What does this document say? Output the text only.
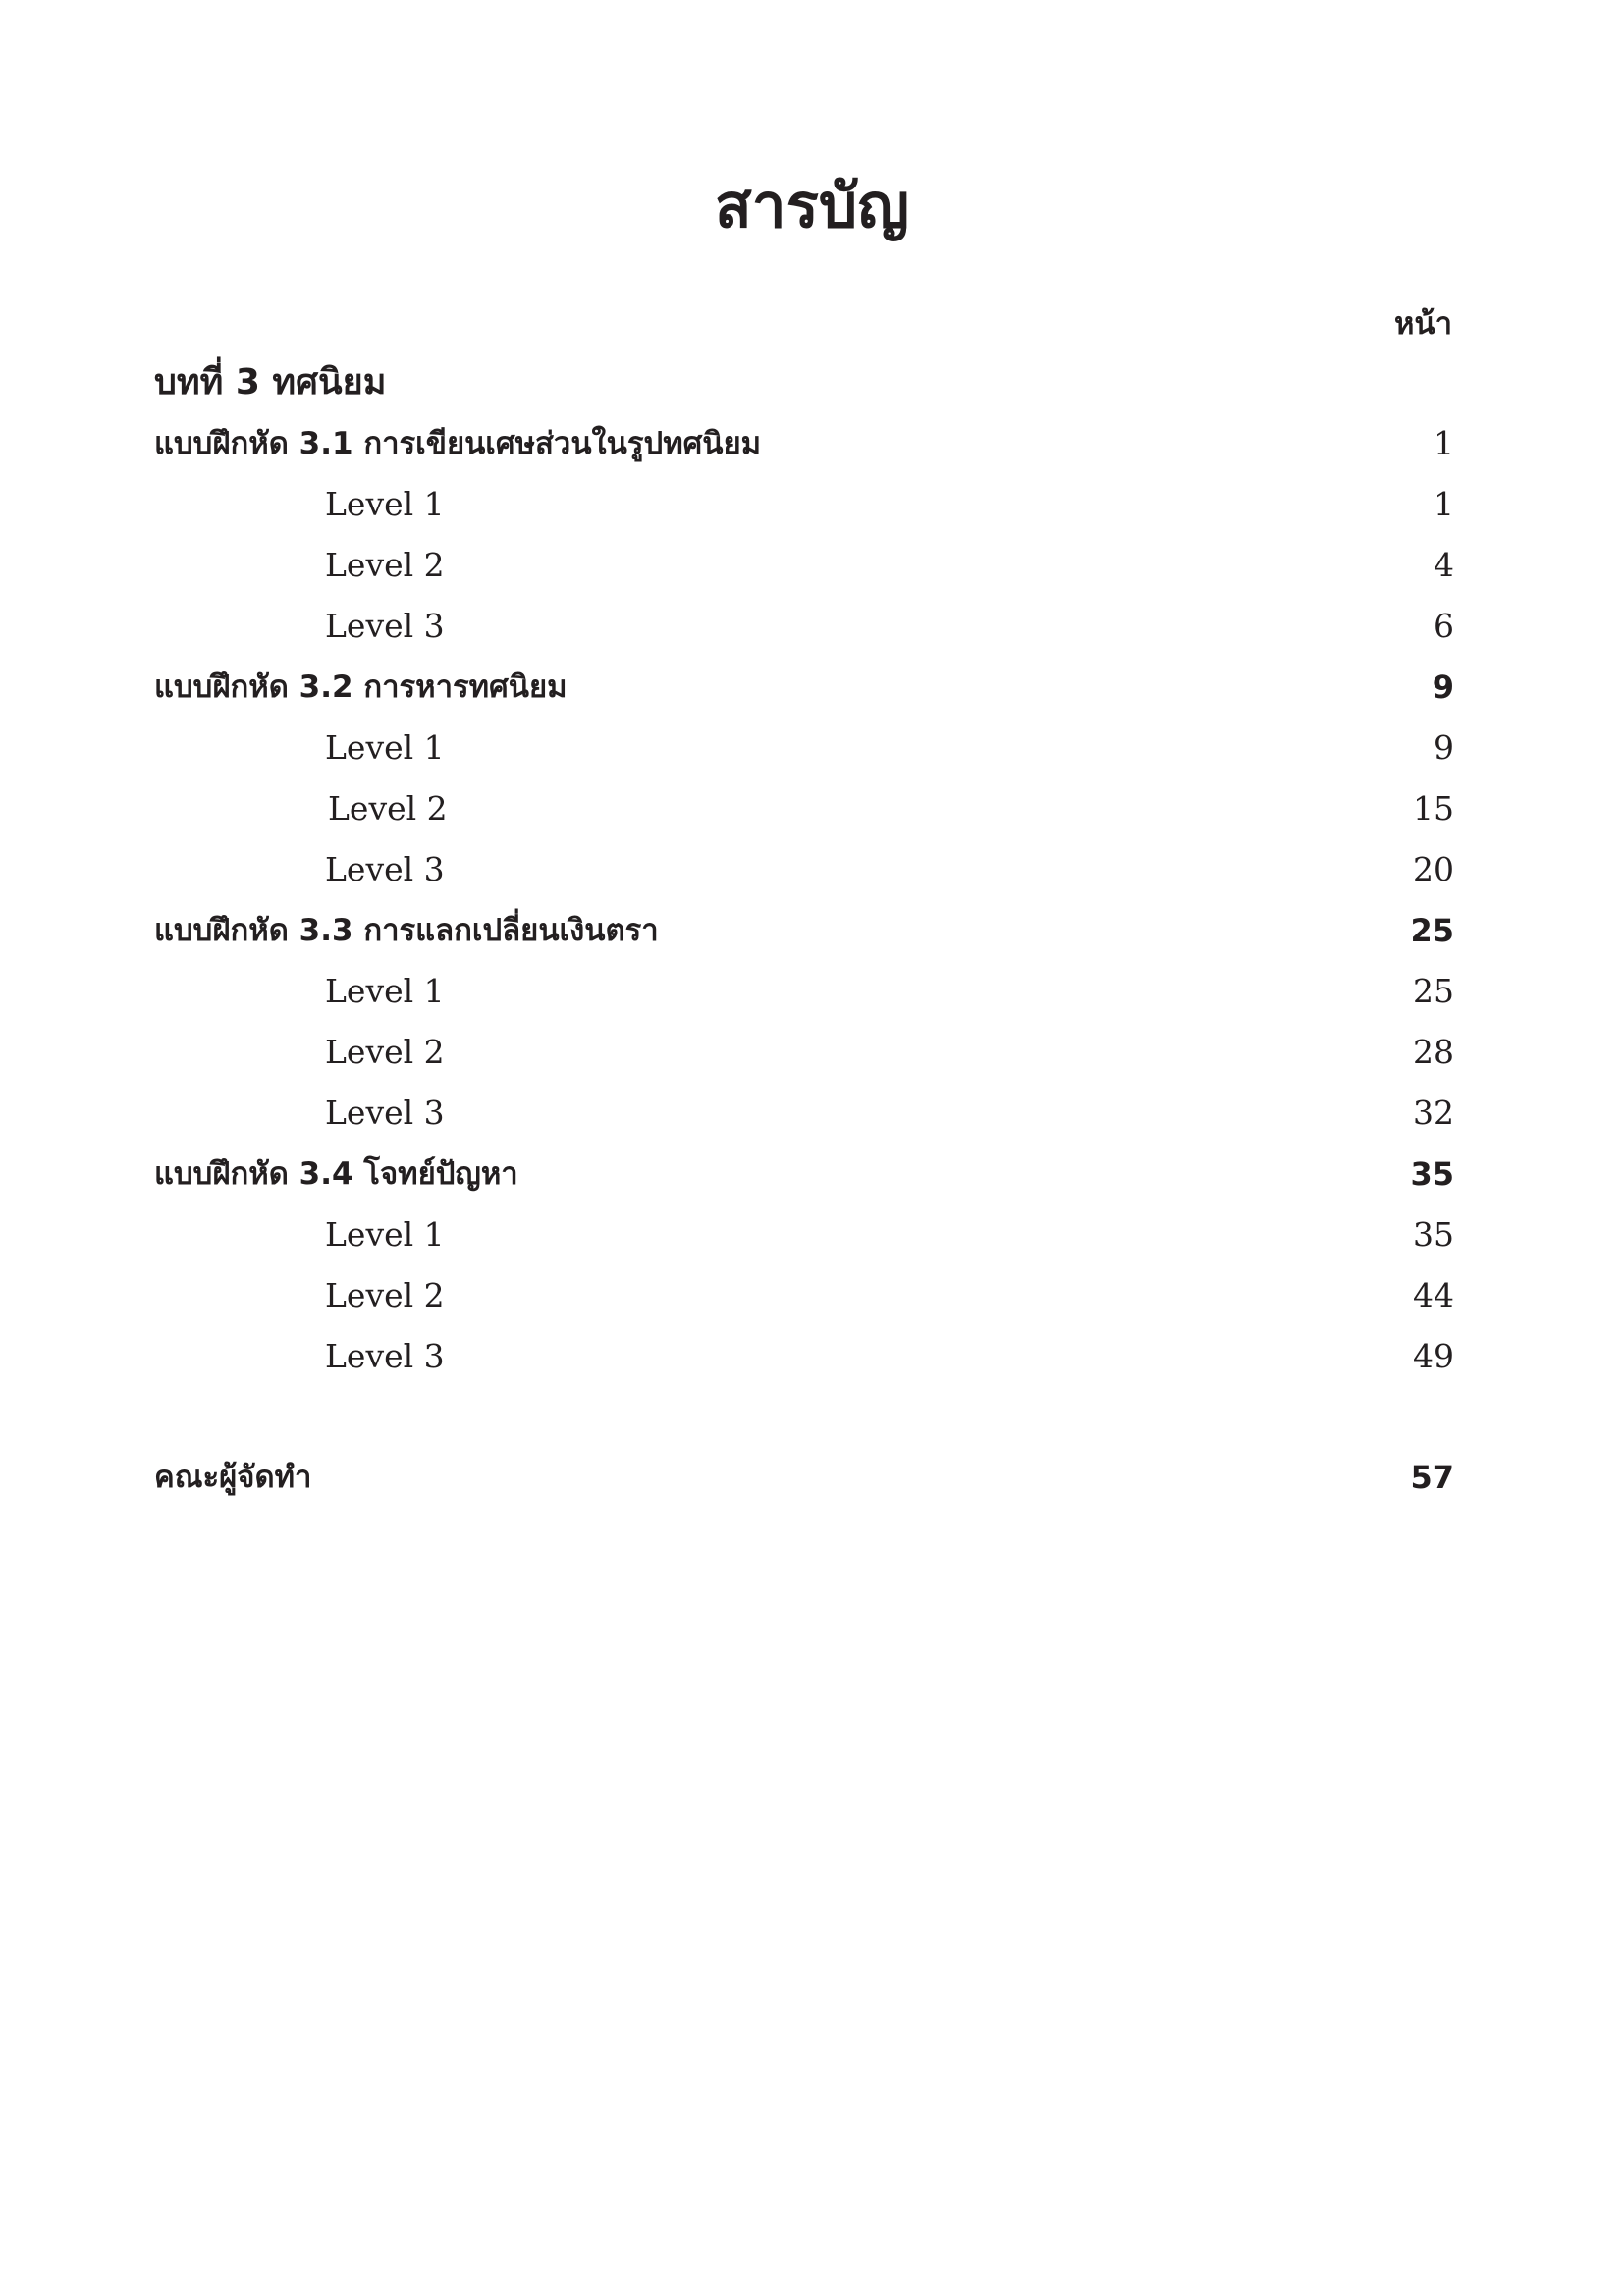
สารบัญ
หน้า
บทที่ 3 ทศนิยม
แบบฝึกหัด 3.1 การเขียนเศษส่วนในรูปทศนิยม	1
Level 1	1
Level 2	4
Level 3	6
แบบฝึกหัด 3.2 การหารทศนิยม	9
Level 1	9
Level 2	15
Level 3	20
แบบฝึกหัด 3.3 การแลกเปลี่ยนเงินตรา	25
Level 1	25
Level 2	28
Level 3	32
แบบฝึกหัด 3.4 โจทย์ปัญหา	35
Level 1	35
Level 2	44
Level 3	49
คณะผู้จัดทำ	57
